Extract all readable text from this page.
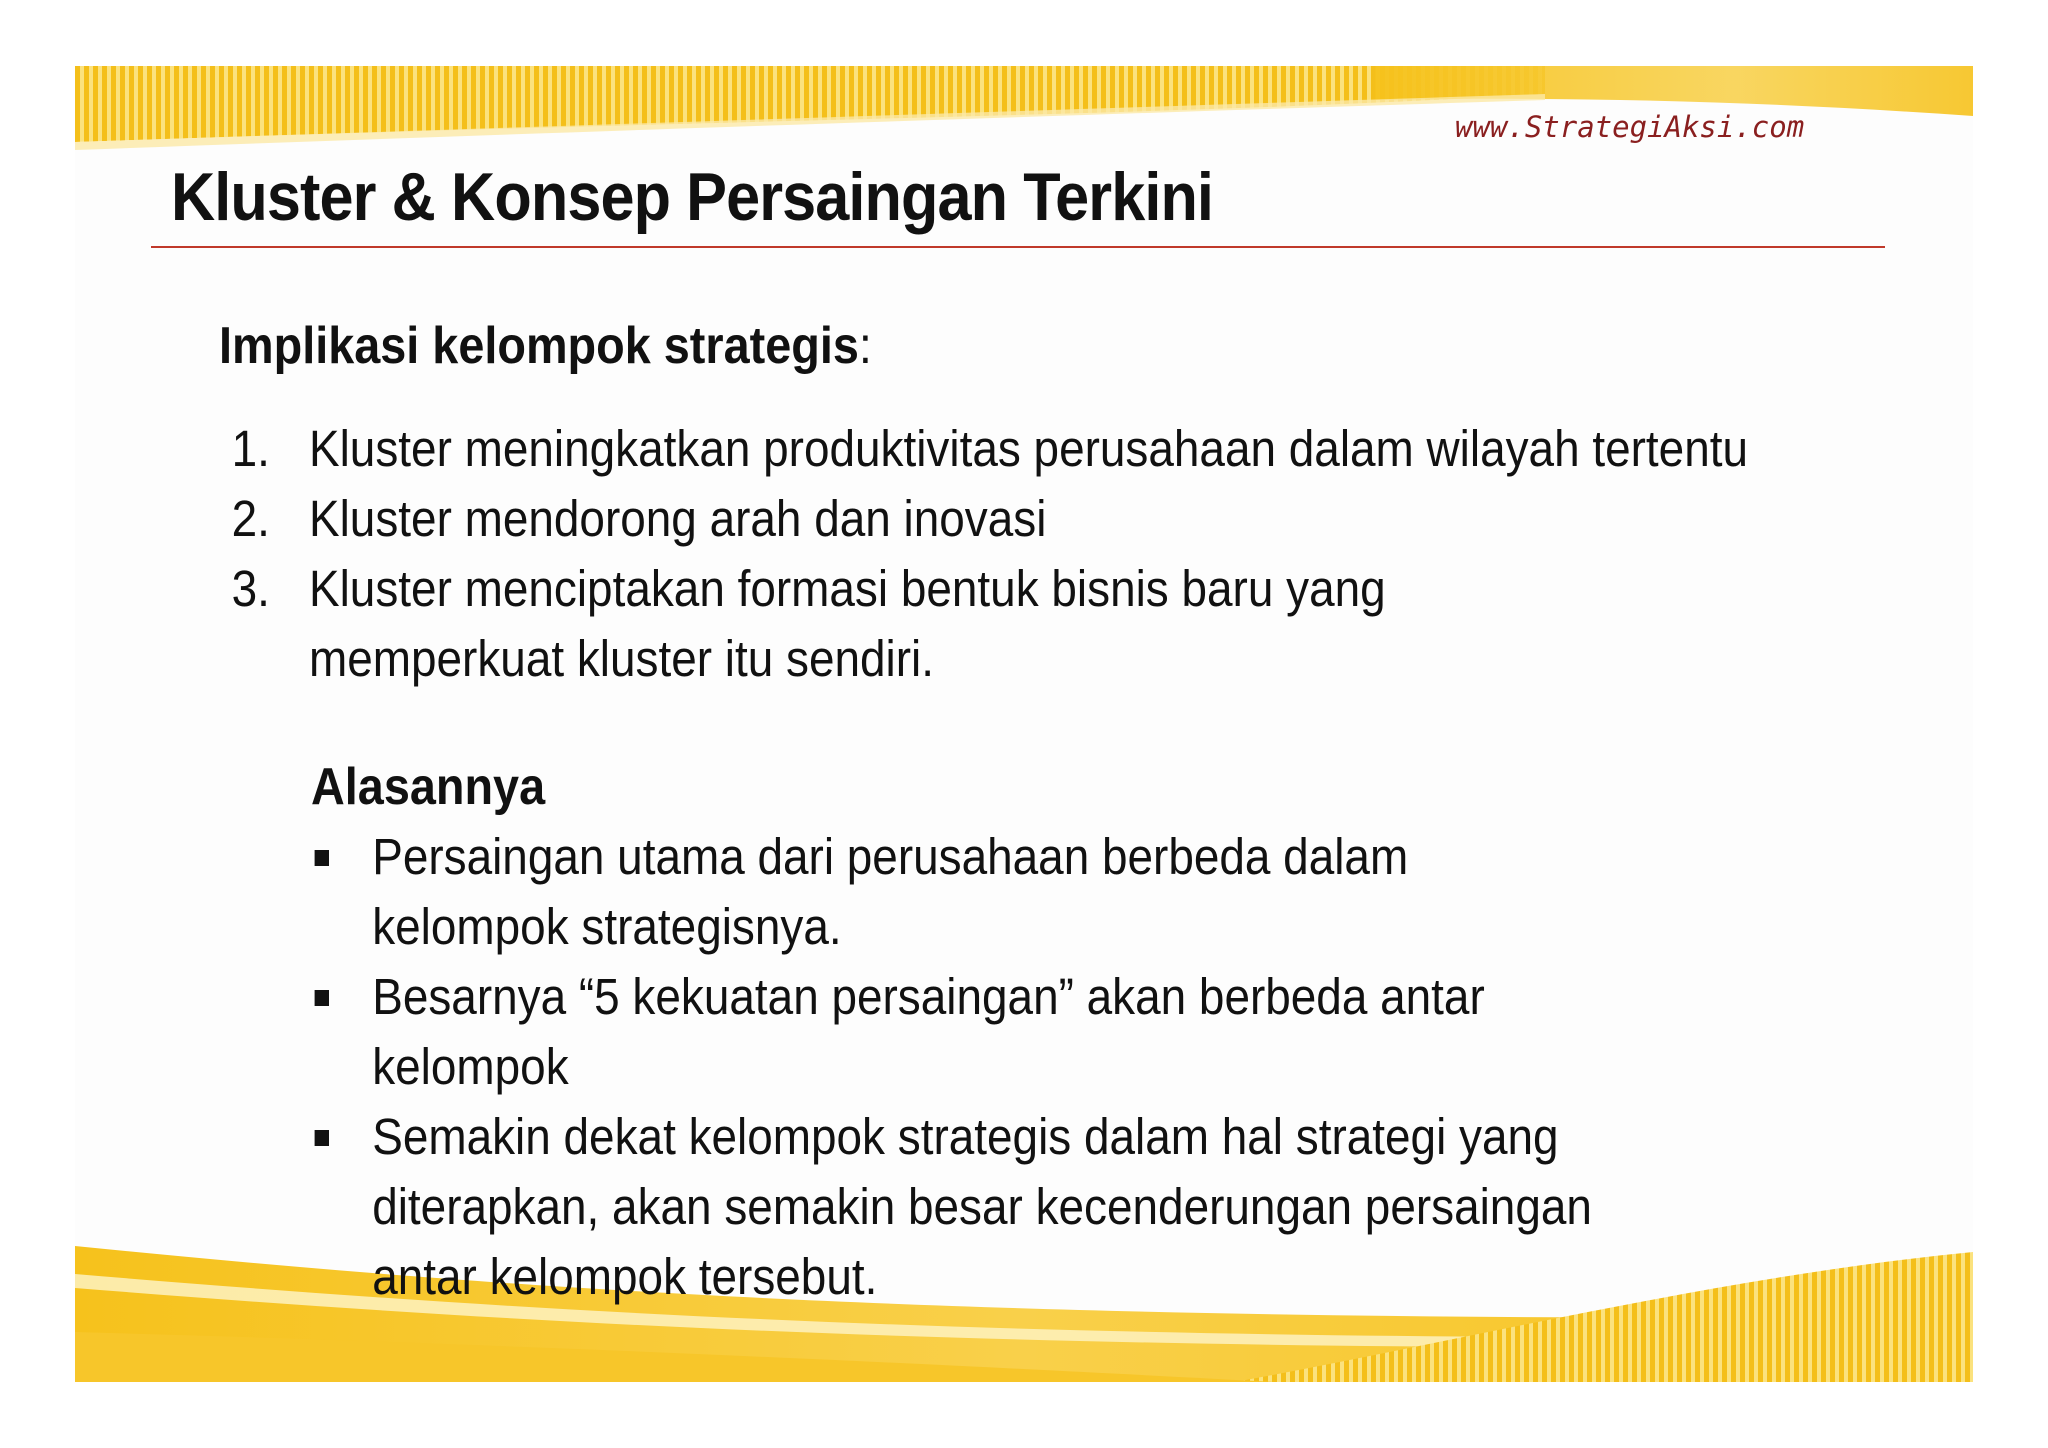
www.StrategiAksi.com
Kluster & Konsep Persaingan Terkini
Implikasi kelompok strategis:
1. Kluster meningkatkan produktivitas perusahaan dalam wilayah tertentu
2. Kluster mendorong arah dan inovasi
3. Kluster menciptakan formasi bentuk bisnis baru yang memperkuat kluster itu sendiri.
Alasannya
Persaingan utama dari perusahaan berbeda dalam kelompok strategisnya.
Besarnya “5 kekuatan persaingan” akan berbeda antar kelompok
Semakin dekat kelompok strategis dalam hal strategi yang diterapkan, akan semakin besar kecenderungan persaingan antar kelompok tersebut.
